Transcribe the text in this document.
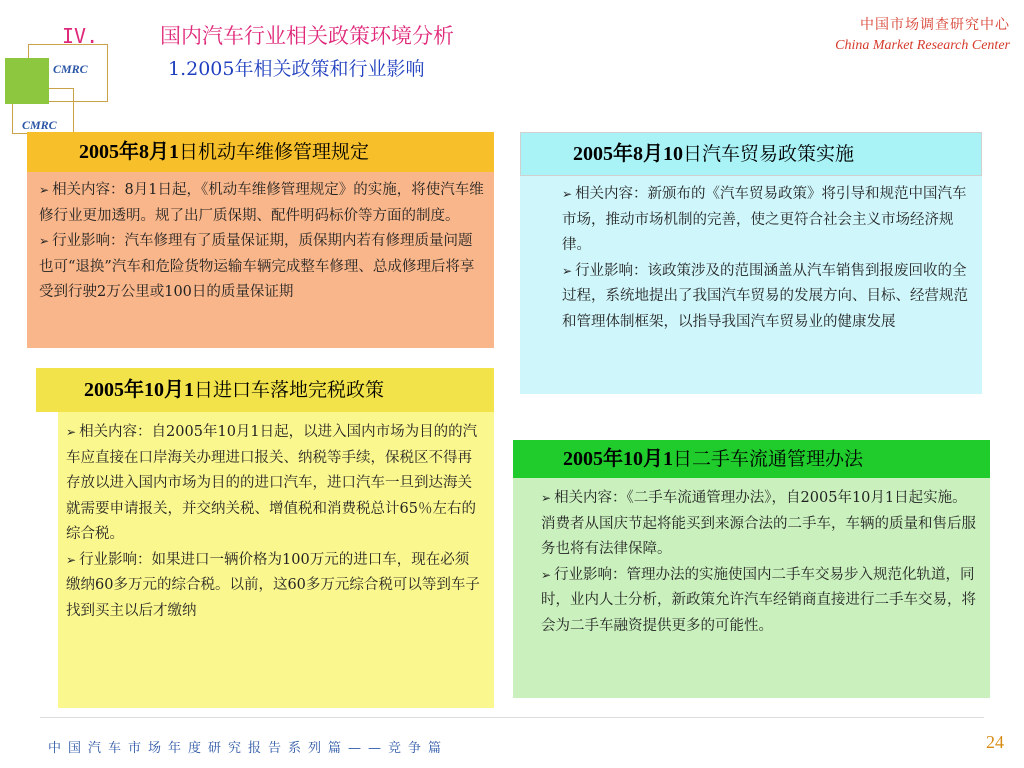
CMRC
CMRC
IV.	国内汽车行业相关政策环境分析
1.2005年相关政策和行业影响
中国市场调查研究中心
China Market Research Center
2005年8月1 日机动车维修管理规定

➢ 相关内容：8月1日起，《机动车维修管理规定》的实施，将使汽车维修行业更加透明。规了出厂质保期、配件明码标价等方面的制度。

➢ 行业影响：汽车修理有了质量保证期，质保期内若有修理质量问题也可“退换”汽车和危险货物运输车辆完成整车修理、总成修理后将享受到行驶2万公里或100日的质量保证期

2005年8月10 日汽车贸易政策实施

➢ 相关内容：新颁布的《汽车贸易政策》将引导和规范中国汽车市场，推动市场机制的完善，使之更符合社会主义市场经济规律。

➢ 行业影响：该政策涉及的范围涵盖从汽车销售到报废回收的全过程，系统地提出了我国汽车贸易的发展方向、目标、经营规范和管理体制框架，以指导我国汽车贸易业的健康发展

2005年10月1 日进口车落地完税政策

➢ 相关内容：自2005年10月1日起，以进入国内市场为目的的汽车应直接在口岸海关办理进口报关、纳税等手续，保税区不得再存放以进入国内市场为目的的进口汽车，进口汽车一旦到达海关就需要申请报关，并交纳关税、增值税和消费税总计65％左右的综合税。

➢ 行业影响：如果进口一辆价格为100万元的进口车，现在必须缴纳60多万元的综合税。以前，这60多万元综合税可以等到车子找到买主以后才缴纳

2005年10月1 日二手车流通管理办法

➢ 相关内容：《二手车流通管理办法》，自2005年10月1日起实施。消费者从国庆节起将能买到来源合法的二手车，车辆的质量和售后服务也将有法律保障。

➢ 行业影响：管理办法的实施使国内二手车交易步入规范化轨道，同时，业内人士分析，新政策允许汽车经销商直接进行二手车交易，将会为二手车融资提供更多的可能性。

中国汽车市场年度研究报告系列篇——竞争篇	24
